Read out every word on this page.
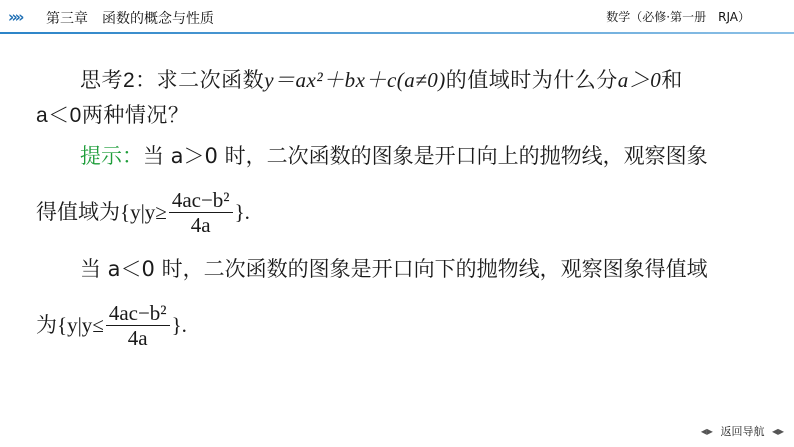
»» 第三章　函数的概念与性质	数学（必修·第一册　RJA）
思考2：求二次函数y＝ax²＋bx＋c(a≠0)的值域时为什么分a＞0和
a＜0两种情况？
提示：当 a＞0 时，二次函数的图象是开口向上的抛物线，观察图象
得值域为 {$y|y\ge \frac{\text{4ac−b²}}{4a}$ }.
当 a＜0 时，二次函数的图象是开口向下的抛物线，观察图象得值域
为 {$y|y\le \frac{\text{4ac−b²}}{4a}$ }.
◂▸ 返回导航 ◂▸
